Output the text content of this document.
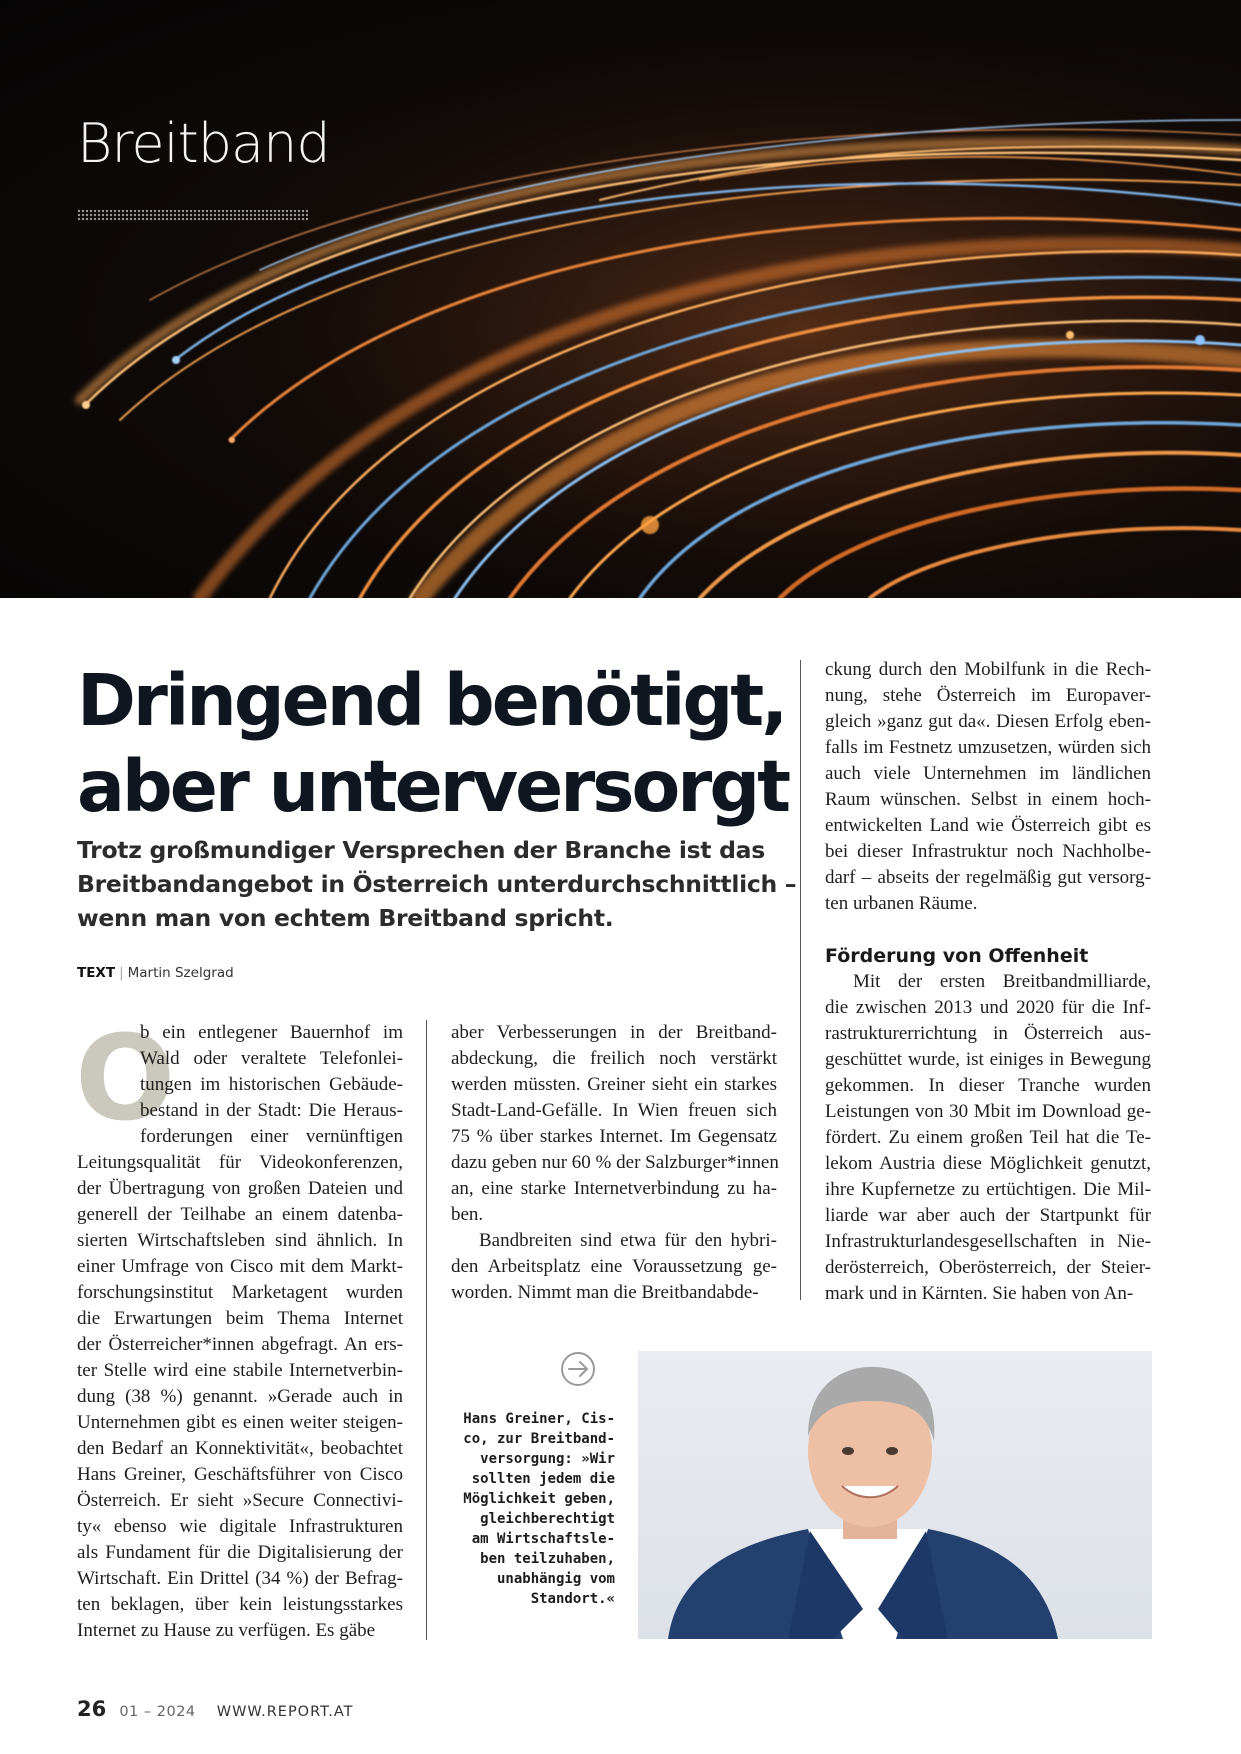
Breitband
Dringend benötigt,
aber unterversorgt

Trotz großmundiger Versprechen der Branche ist das
Breitbandangebot in Österreich unterdurchschnittlich –
wenn man von echtem Breitband spricht.

TEXT | Martin Szelgrad
O
b ein entlegener Bauernhof im
Wald oder veraltete Telefonlei-
tungen im historischen Gebäude-
bestand in der Stadt: Die Heraus-
forderungen einer vernünftigen
Leitungsqualität für Videokonferenzen,
der Übertragung von großen Dateien und
generell der Teilhabe an einem datenba-
sierten Wirtschaftsleben sind ähnlich. In
einer Umfrage von Cisco mit dem Markt-
forschungsinstitut Marketagent wurden
die Erwartungen beim Thema Internet
der Österreicher*innen abgefragt. An ers-
ter Stelle wird eine stabile Internetverbin-
dung (38 %) genannt. »Gerade auch in
Unternehmen gibt es einen weiter steigen-
den Bedarf an Konnektivität«, beobachtet
Hans Greiner, Geschäftsführer von Cisco
Österreich. Er sieht »Secure Connectivi-
ty« ebenso wie digitale Infrastrukturen
als Fundament für die Digitalisierung der
Wirtschaft. Ein Drittel (34 %) der Befrag-
ten beklagen, über kein leistungsstarkes
Internet zu Hause zu verfügen. Es gäbe
aber Verbesserungen in der Breitband-
abdeckung, die freilich noch verstärkt
werden müssten. Greiner sieht ein starkes
Stadt-Land-Gefälle. In Wien freuen sich
75 % über starkes Internet. Im Gegensatz
dazu geben nur 60 % der Salzburger*innen
an, eine starke Internetverbindung zu ha-
ben.
Bandbreiten sind etwa für den hybri-
den Arbeitsplatz eine Voraussetzung ge-
worden. Nimmt man die Breitbandabde-
ckung durch den Mobilfunk in die Rech-
nung, stehe Österreich im Europaver-
gleich »ganz gut da«. Diesen Erfolg eben-
falls im Festnetz umzusetzen, würden sich
auch viele Unternehmen im ländlichen
Raum wünschen. Selbst in einem hoch-
entwickelten Land wie Österreich gibt es
bei dieser Infrastruktur noch Nachholbe-
darf – abseits der regelmäßig gut versorg-
ten urbanen Räume.
Förderung von Offenheit
Mit der ersten Breitbandmilliarde,
die zwischen 2013 und 2020 für die Inf-
rastrukturerrichtung in Österreich aus-
geschüttet wurde, ist einiges in Bewegung
gekommen. In dieser Tranche wurden
Leistungen von 30 Mbit im Download ge-
fördert. Zu einem großen Teil hat die Te-
lekom Austria diese Möglichkeit genutzt,
ihre Kupfernetze zu ertüchtigen. Die Mil-
liarde war aber auch der Startpunkt für
Infrastrukturlandesgesellschaften in Nie-
derösterreich, Oberösterreich, der Steier-
mark und in Kärnten. Sie haben von An-

Hans Greiner, Cis-
co, zur Breitband-
versorgung: »Wir
sollten jedem die
Möglichkeit geben,
gleichberechtigt
am Wirtschaftsle-
ben teilzuhaben,
unabhängig vom
Standort.«

26 01 – 2024 WWW.REPORT.AT
